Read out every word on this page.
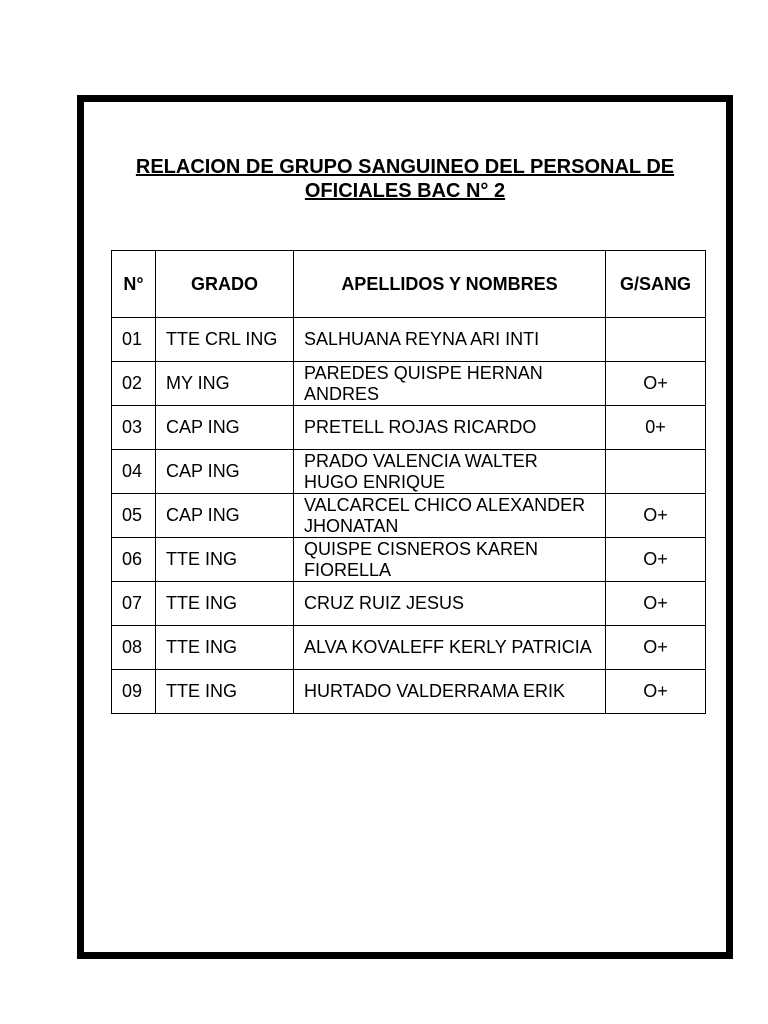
RELACION DE GRUPO SANGUINEO DEL PERSONAL DE
OFICIALES BAC N° 2
N°	GRADO	APELLIDOS Y NOMBRES	G/SANG
01	TTE CRL ING	SALHUANA REYNA ARI INTI	
02	MY ING	PAREDES QUISPE HERNAN ANDRES	O+
03	CAP ING	PRETELL ROJAS RICARDO	0+
04	CAP ING	PRADO VALENCIA WALTER HUGO ENRIQUE	
05	CAP ING	VALCARCEL CHICO ALEXANDER JHONATAN	O+
06	TTE ING	QUISPE CISNEROS KAREN FIORELLA	O+
07	TTE ING	CRUZ RUIZ JESUS	O+
08	TTE ING	ALVA KOVALEFF KERLY PATRICIA	O+
09	TTE ING	HURTADO VALDERRAMA ERIK	O+
